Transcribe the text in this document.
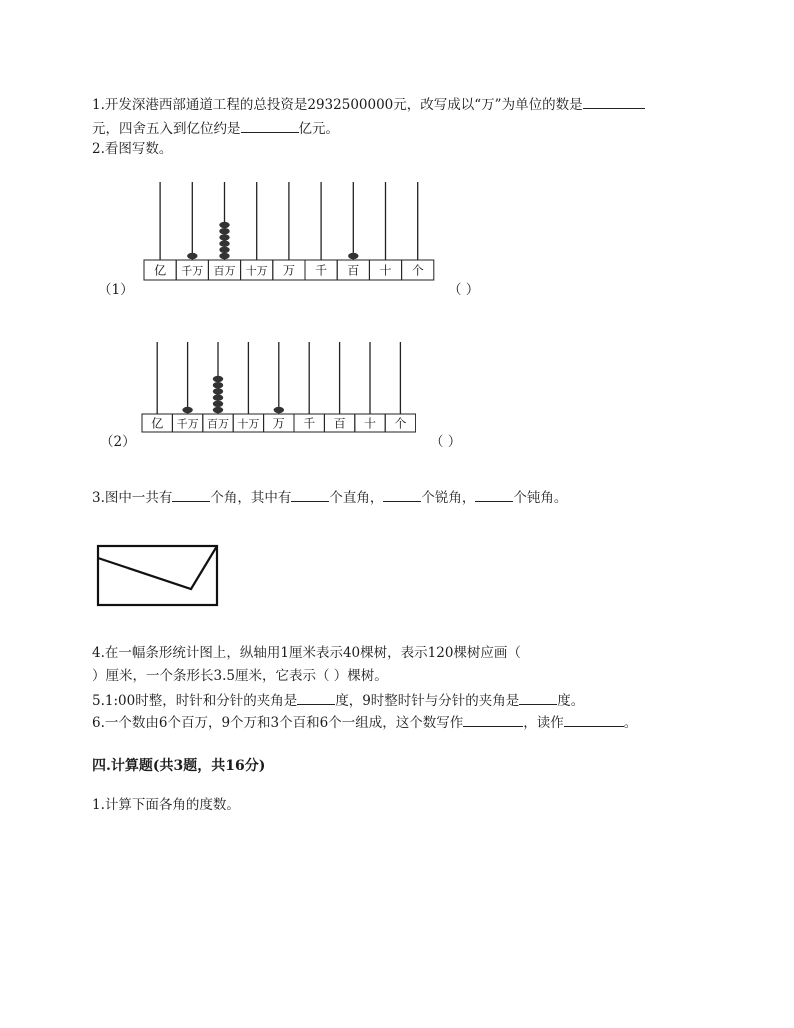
1.开发深港西部通道工程的总投资是2932500000元，改写成以“万”为单位的数是
元，四舍五入到亿位约是	亿元。
2.看图写数。
（1）
亿 千万 百万 十万 万 千 百 十 个
（ ）
（2）
亿 千万 百万 十万 万 千 百 十 个
（ ）
3.图中一共有	个角，其中有	个直角，	个锐角，	个钝角。
4.在一幅条形统计图上，纵轴用1厘米表示40棵树，表示120棵树应画（
）厘米，一个条形长3.5厘米，它表示（ ）棵树。
5.1:00时整，时针和分针的夹角是	度，9时整时针与分针的夹角是	度。
6.一个数由6个百万，9个万和3个百和6个一组成，这个数写作	，读作	。
四.计算题(共3题，共16分)
1.计算下面各角的度数。
